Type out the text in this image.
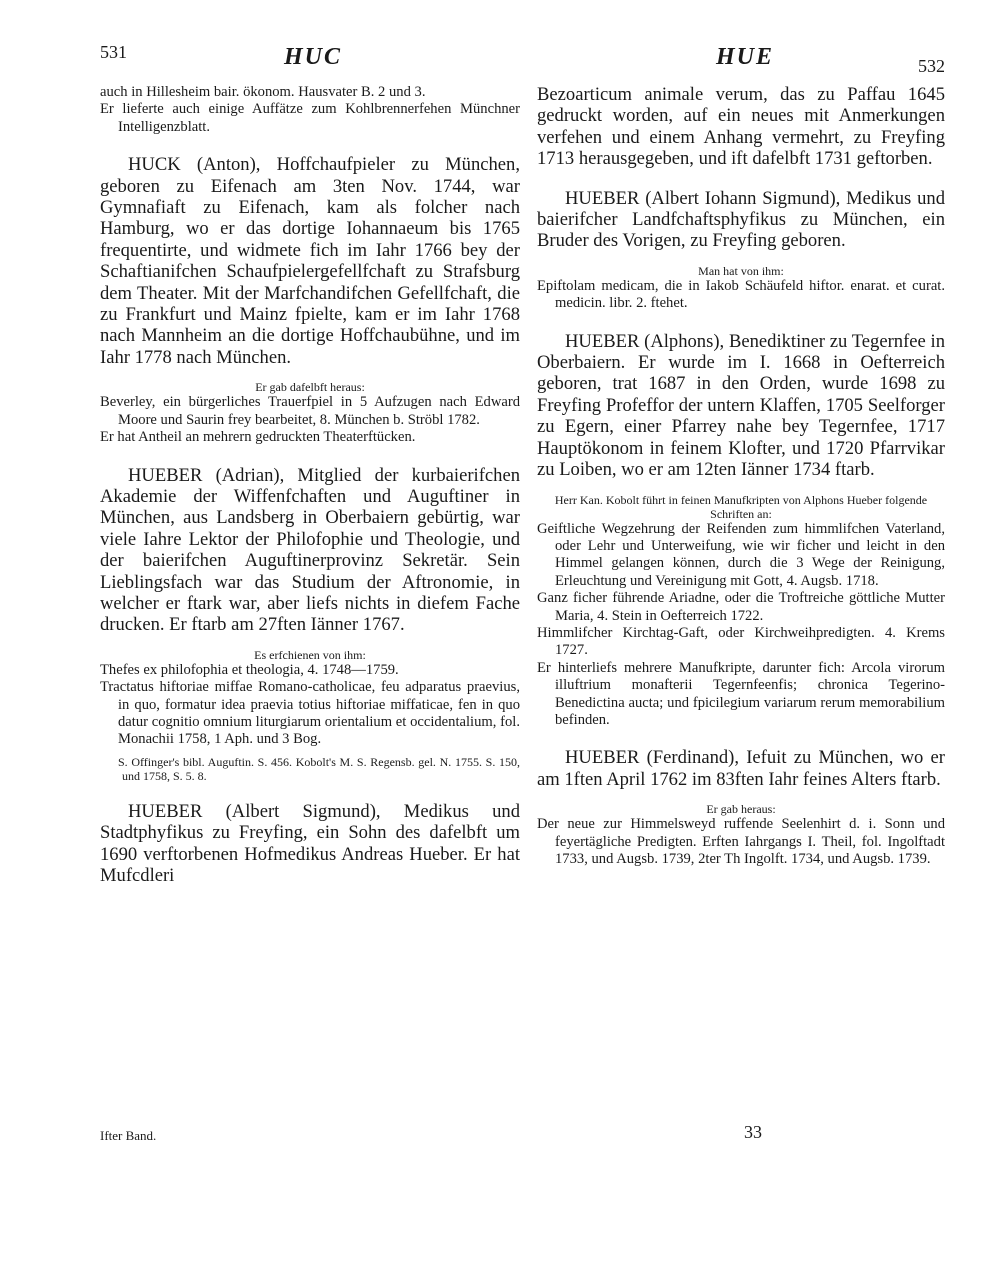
531	HUC	HUE	532

auch in Hillesheim bair. ökonom. Hausvater B. 2 und 3.

Er lieferte auch einige Auffätze zum Kohlbrennerfehen Münchner Intelligenzblatt.

HUCK (Anton), Hoffchaufpieler zu München, geboren zu Eifenach am 3ten Nov. 1744, war Gymnafiaft zu Eifenach, kam als folcher nach Hamburg, wo er das dortige Iohannaeum bis 1765 frequentirte, und widmete fich im Iahr 1766 bey der Schaftianifchen Schaufpielergefellfchaft zu Strafsburg dem Theater. Mit der Marfchandifchen Gefellfchaft, die zu Frankfurt und Mainz fpielte, kam er im Iahr 1768 nach Mannheim an die dortige Hoffchaubühne, und im Iahr 1778 nach München.

Er gab dafelbft heraus:

Beverley, ein bürgerliches Trauerfpiel in 5 Aufzugen nach Edward Moore und Saurin frey bearbeitet, 8. München b. Ströbl 1782.

Er hat Antheil an mehrern gedruckten Theaterftücken.

HUEBER (Adrian), Mitglied der kurbaierifchen Akademie der Wiffenfchaften und Auguftiner in München, aus Landsberg in Oberbaiern gebürtig, war viele Iahre Lektor der Philofophie und Theologie, und der baierifchen Auguftinerprovinz Sekretär. Sein Lieblingsfach war das Studium der Aftronomie, in welcher er ftark war, aber liefs nichts in diefem Fache drucken. Er ftarb am 27ften Iänner 1767.

Es erfchienen von ihm:

Thefes ex philofophia et theologia, 4. 1748—1759.

Tractatus hiftoriae miffae Romano-catholicae, feu adparatus praevius, in quo, formatur idea praevia totius hiftoriae miffaticae, fen in quo datur cognitio omnium liturgiarum orientalium et occidentalium, fol. Monachii 1758, 1 Aph. und 3 Bog.

S. Offinger's bibl. Auguftin. S. 456. Kobolt's M. S. Regensb. gel. N. 1755. S. 150, und 1758, S. 5. 8.

HUEBER (Albert Sigmund), Medikus und Stadtphyfikus zu Freyfing, ein Sohn des dafelbft um 1690 verftorbenen Hofmedikus Andreas Hueber. Er hat Mufcdleri

Ifter Band.

Bezoarticum animale verum, das zu Paffau 1645 gedruckt worden, auf ein neues mit Anmerkungen verfehen und einem Anhang vermehrt, zu Freyfing 1713 herausgegeben, und ift dafelbft 1731 geftorben.

HUEBER (Albert Iohann Sigmund), Medikus und baierifcher Landfchaftsphyfikus zu München, ein Bruder des Vorigen, zu Freyfing geboren.

Man hat von ihm:

Epiftolam medicam, die in Iakob Schäufeld hiftor. enarat. et curat. medicin. libr. 2. ftehet.

HUEBER (Alphons), Benediktiner zu Tegernfee in Oberbaiern. Er wurde im I. 1668 in Oefterreich geboren, trat 1687 in den Orden, wurde 1698 zu Freyfing Profeffor der untern Klaffen, 1705 Seelforger zu Egern, einer Pfarrey nahe bey Tegernfee, 1717 Hauptökonom in feinem Klofter, und 1720 Pfarrvikar zu Loiben, wo er am 12ten Iänner 1734 ftarb.

Herr Kan. Kobolt führt in feinen Manufkripten von Alphons Hueber folgende Schriften an:

Geiftliche Wegzehrung der Reifenden zum himmlifchen Vaterland, oder Lehr und Unterweifung, wie wir ficher und leicht in den Himmel gelangen können, durch die 3 Wege der Reinigung, Erleuchtung und Vereinigung mit Gott, 4. Augsb. 1718.

Ganz ficher führende Ariadne, oder die Troftreiche göttliche Mutter Maria, 4. Stein in Oefterreich 1722.

Himmlifcher Kirchtag-Gaft, oder Kirchweihpredigten. 4. Krems 1727.

Er hinterliefs mehrere Manufkripte, darunter fich: Arcola virorum illuftrium monafterii Tegernfeenfis; chronica Tegerino-Benedictina aucta; und fpicilegium variarum rerum memorabilium befinden.

HUEBER (Ferdinand), Iefuit zu München, wo er am 1ften April 1762 im 83ften Iahr feines Alters ftarb.

Er gab heraus:

Der neue zur Himmelsweyd ruffende Seelenhirt d. i. Sonn und feyertägliche Predigten. Erften Iahrgangs I. Theil, fol. Ingolftadt 1733, und Augsb. 1739, 2ter Th Ingolft. 1734, und Augsb. 1739.

33
